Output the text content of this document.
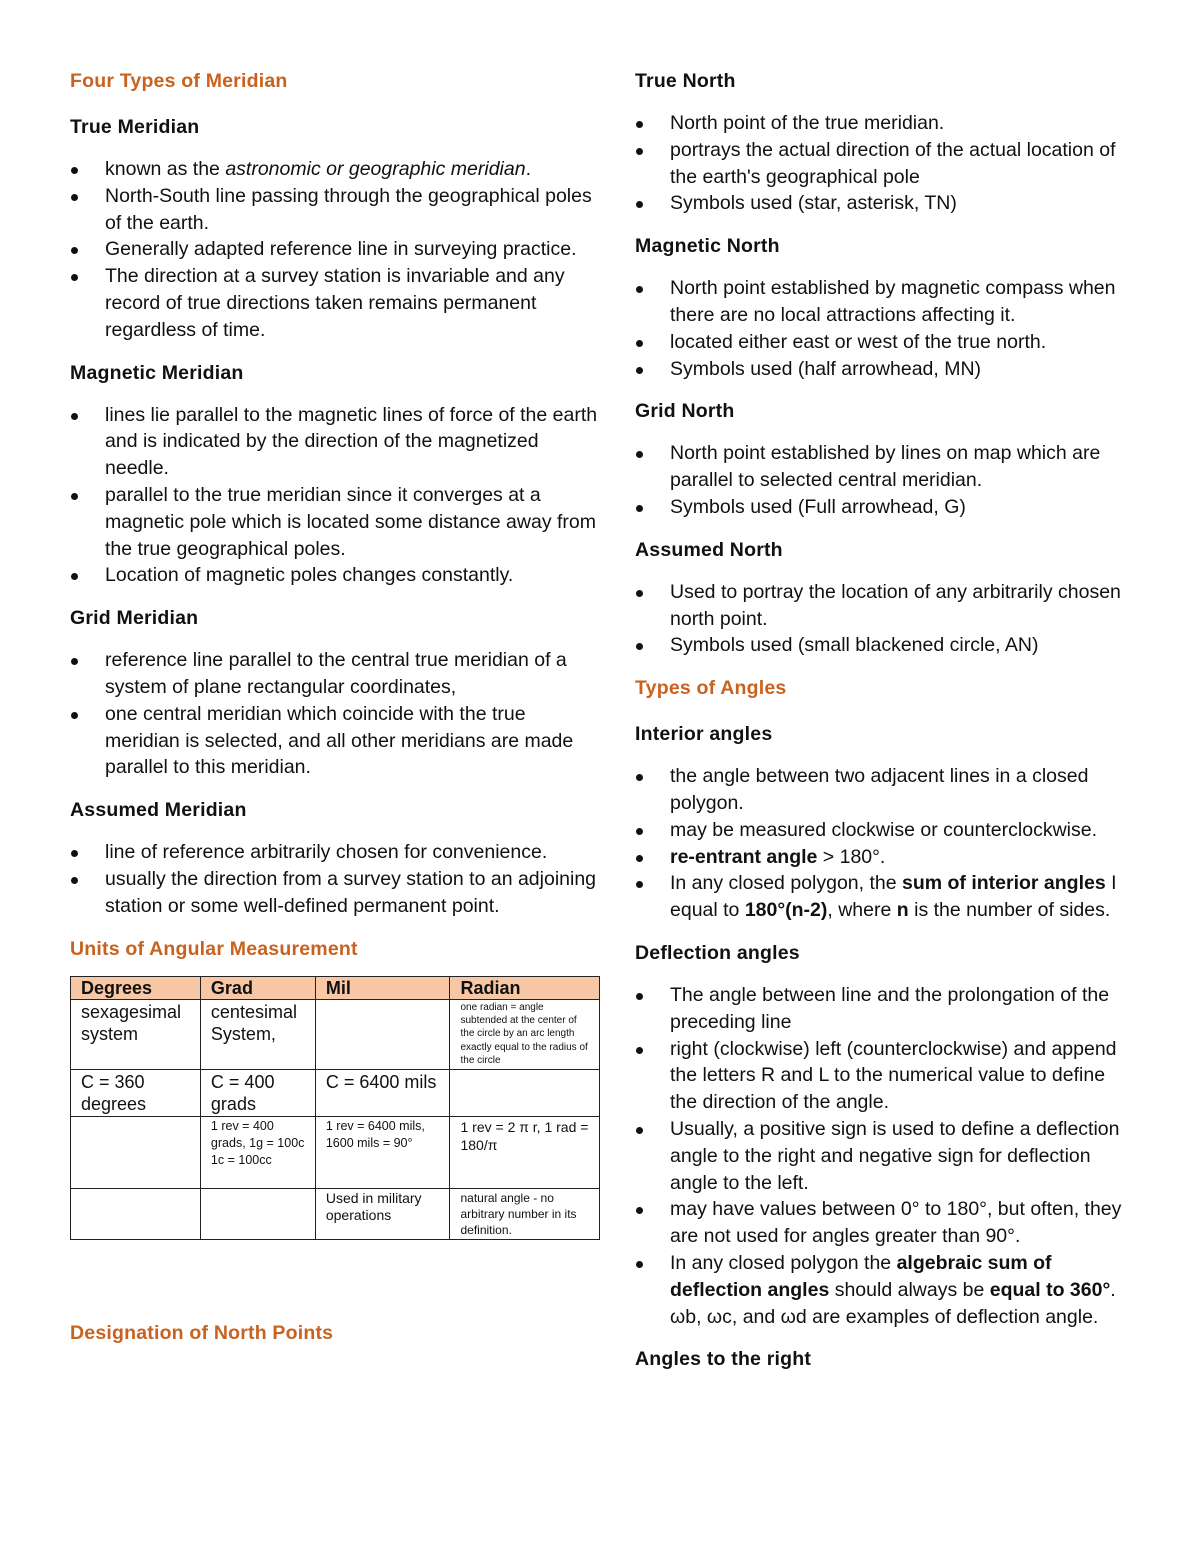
Four Types of Meridian
True Meridian
known as the astronomic or geographic meridian.
North-South line passing through the geographical poles of the earth.
Generally adapted reference line in surveying practice.
The direction at a survey station is invariable and any record of true directions taken remains permanent regardless of time.
Magnetic Meridian
lines lie parallel to the magnetic lines of force of the earth and is indicated by the direction of the magnetized needle.
parallel to the true meridian since it converges at a magnetic pole which is located some distance away from the true geographical poles.
Location of magnetic poles changes constantly.
Grid Meridian
reference line parallel to the central true meridian of a system of plane rectangular coordinates,
one central meridian which coincide with the true meridian is selected, and all other meridians are made parallel to this meridian.
Assumed Meridian
line of reference arbitrarily chosen for convenience.
usually the direction from a survey station to an adjoining station or some well-defined permanent point.
Units of Angular Measurement
Degrees	Grad	Mil	Radian
sexagesimal system	centesimal System,		one radian = angle subtended at the center of the circle by an arc length exactly equal to the radius of the circle
C = 360 degrees	C = 400 grads	C = 6400 mils	
	1 rev = 400 grads, 1g = 100c 1c = 100cc	1 rev = 6400 mils, 1600 mils = 90°	1 rev = 2 π r, 1 rad = 180/π
		Used in military operations	natural angle - no arbitrary number in its definition.
Designation of North Points
True North
North point of the true meridian.
portrays the actual direction of the actual location of the earth's geographical pole
Symbols used (star, asterisk, TN)
Magnetic North
North point established by magnetic compass when there are no local attractions affecting it.
located either east or west of the true north.
Symbols used (half arrowhead, MN)
Grid North
North point established by lines on map which are parallel to selected central meridian.
Symbols used (Full arrowhead, G)
Assumed North
Used to portray the location of any arbitrarily chosen north point.
Symbols used (small blackened circle, AN)
Types of Angles
Interior angles
the angle between two adjacent lines in a closed polygon.
may be measured clockwise or counterclockwise.
re-entrant angle > 180°.
In any closed polygon, the sum of interior angles I equal to 180°(n-2), where n is the number of sides.
Deflection angles
The angle between line and the prolongation of the preceding line
right (clockwise) left (counterclockwise) and append the letters R and L to the numerical value to define the direction of the angle.
Usually, a positive sign is used to define a deflection angle to the right and negative sign for deflection angle to the left.
may have values between 0° to 180°, but often, they are not used for angles greater than 90°.
In any closed polygon the algebraic sum of deflection angles should always be equal to 360°. ωb, ωc, and ωd are examples of deflection angle.
Angles to the right
